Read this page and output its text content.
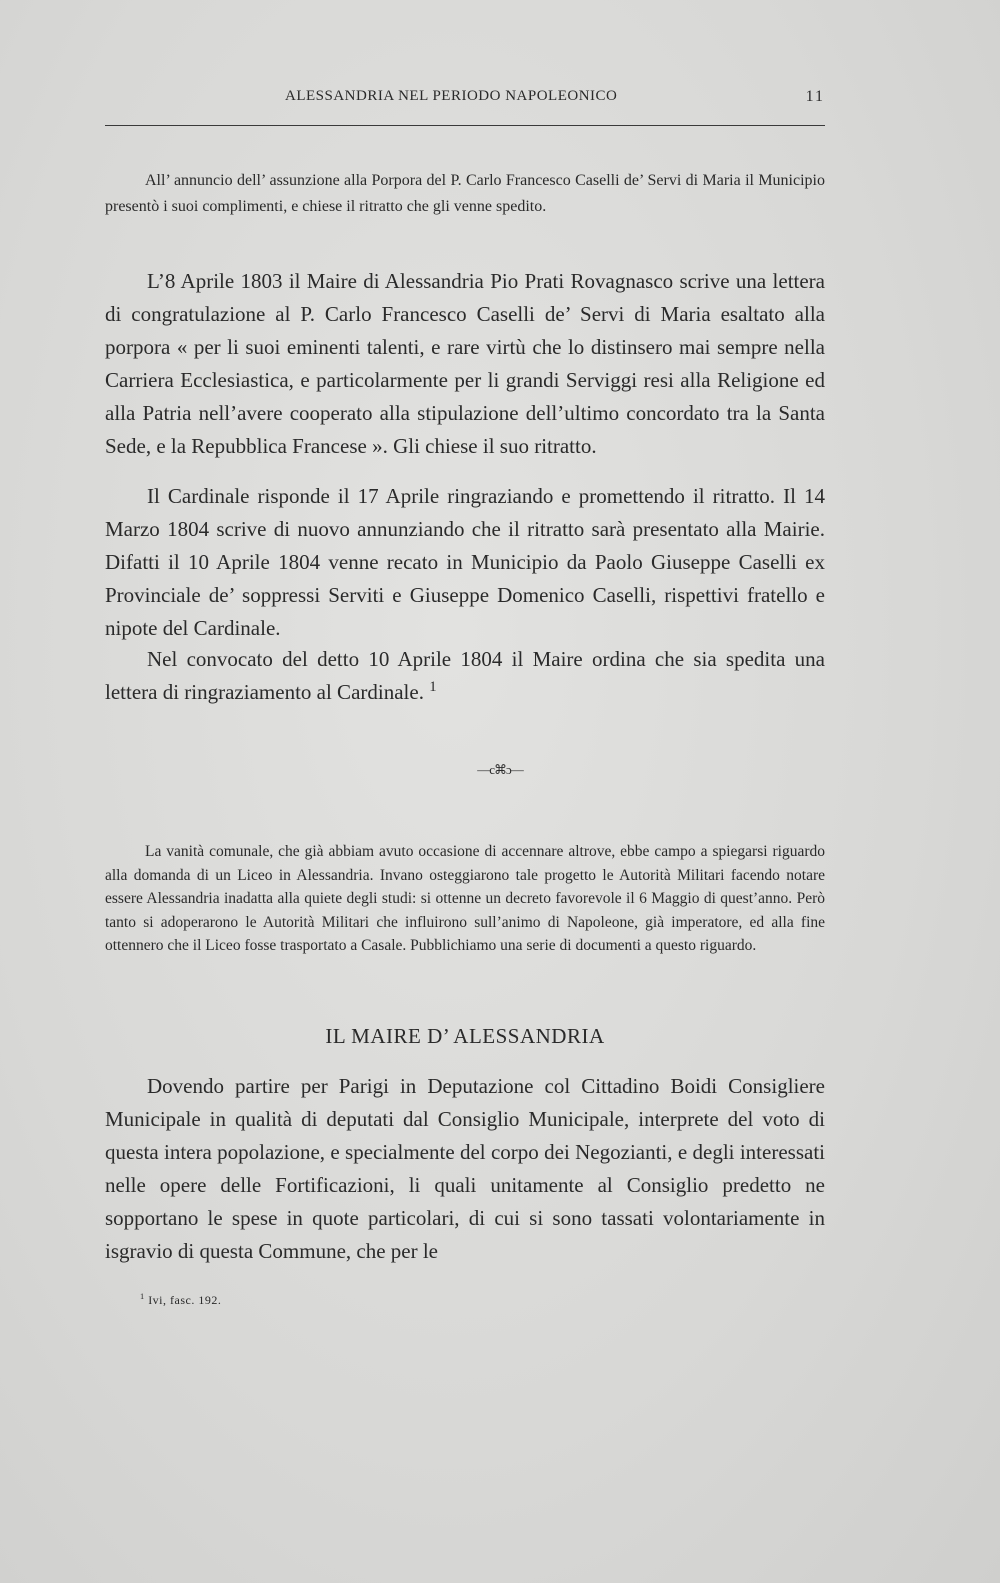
ALESSANDRIA NEL PERIODO NAPOLEONICO	11

All’ annuncio dell’ assunzione alla Porpora del P. Carlo Francesco Caselli de’ Servi di Maria il Municipio presentò i suoi complimenti, e chiese il ritratto che gli venne spedito.

L’8 Aprile 1803 il Maire di Alessandria Pio Prati Rovagnasco scrive una lettera di congratulazione al P. Carlo Francesco Caselli de’ Servi di Maria esaltato alla porpora « per li suoi eminenti talenti, e rare virtù che lo distinsero mai sempre nella Carriera Ecclesiastica, e particolarmente per li grandi Serviggi resi alla Religione ed alla Patria nell’avere cooperato alla stipulazione dell’ultimo concordato tra la Santa Sede, e la Repubblica Francese ». Gli chiese il suo ritratto.

Il Cardinale risponde il 17 Aprile ringraziando e promettendo il ritratto. Il 14 Marzo 1804 scrive di nuovo annunziando che il ritratto sarà presentato alla Mairie. Difatti il 10 Aprile 1804 venne recato in Municipio da Paolo Giuseppe Caselli ex Provinciale de’ soppressi Serviti e Giuseppe Domenico Caselli, rispettivi fratello e nipote del Cardinale.

Nel convocato del detto 10 Aprile 1804 il Maire ordina che sia spedita una lettera di ringraziamento al Cardinale. $^1$

—c⌘ɔ—

La vanità comunale, che già abbiam avuto occasione di accennare altrove, ebbe campo a spiegarsi riguardo alla domanda di un Liceo in Alessandria. Invano osteggiarono tale progetto le Autorità Militari facendo notare essere Alessandria inadatta alla quiete degli studi: si ottenne un decreto favorevole il 6 Maggio di quest’anno. Però tanto si adoperarono le Autorità Militari che influirono sull’animo di Napoleone, già imperatore, ed alla fine ottennero che il Liceo fosse trasportato a Casale. Pubblichiamo una serie di documenti a questo riguardo.

IL MAIRE D’ ALESSANDRIA

Dovendo partire per Parigi in Deputazione col Cittadino Boidi Consigliere Municipale in qualità di deputati dal Consiglio Municipale, interprete del voto di questa intera popolazione, e specialmente del corpo dei Negozianti, e degli interessati nelle opere delle Fortificazioni, li quali unitamente al Consiglio predetto ne sopportano le spese in quote particolari, di cui si sono tassati volontariamente in isgravio di questa Commune, che per le

$^1$ Ivi, fasc. 192.
